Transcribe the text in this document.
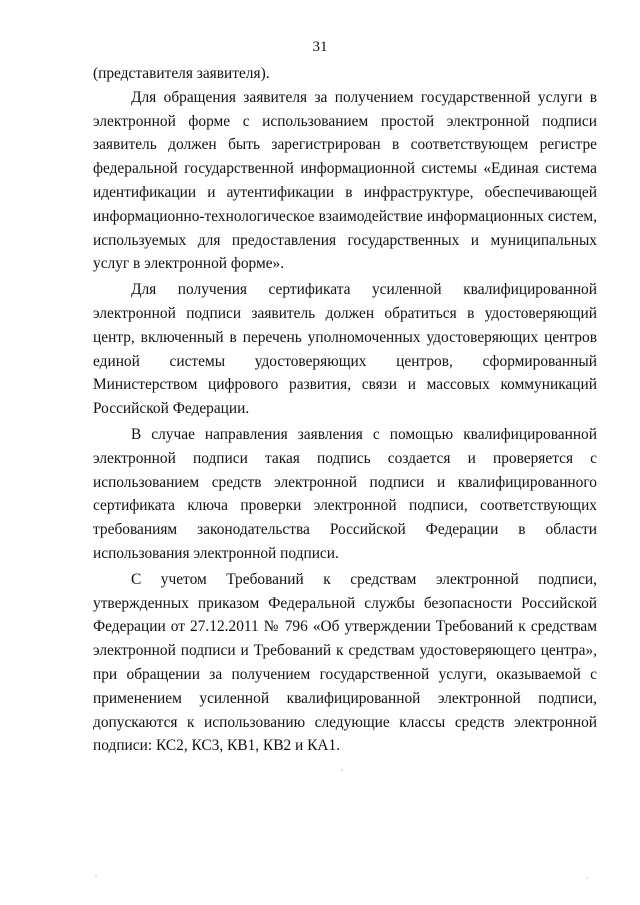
31

(представителя заявителя).

Для обращения заявителя за получением государственной услуги в электронной форме с использованием простой электронной подписи заявитель должен быть зарегистрирован в соответствующем регистре федеральной государственной информационной системы «Единая система идентификации и аутентификации в инфраструктуре, обеспечивающей информационно-технологическое взаимодействие информационных систем, используемых для предоставления государственных и муниципальных услуг в электронной форме».

Для получения сертификата усиленной квалифицированной электронной подписи заявитель должен обратиться в удостоверяющий центр, включенный в перечень уполномоченных удостоверяющих центров единой системы удостоверяющих центров, сформированный Министерством цифрового развития, связи и массовых коммуникаций Российской Федерации.

В случае направления заявления с помощью квалифицированной электронной подписи такая подпись создается и проверяется с использованием средств электронной подписи и квалифицированного сертификата ключа проверки электронной подписи, соответствующих требованиям законодательства Российской Федерации в области использования электронной подписи.

С учетом Требований к средствам электронной подписи, утвержденных приказом Федеральной службы безопасности Российской Федерации от 27.12.2011 № 796 «Об утверждении Требований к средствам электронной подписи и Требований к средствам удостоверяющего центра», при обращении за получением государственной услуги, оказываемой с применением усиленной квалифицированной электронной подписи, допускаются к использованию следующие классы средств электронной подписи: КС2, КС3, КВ1, КВ2 и КА1.
